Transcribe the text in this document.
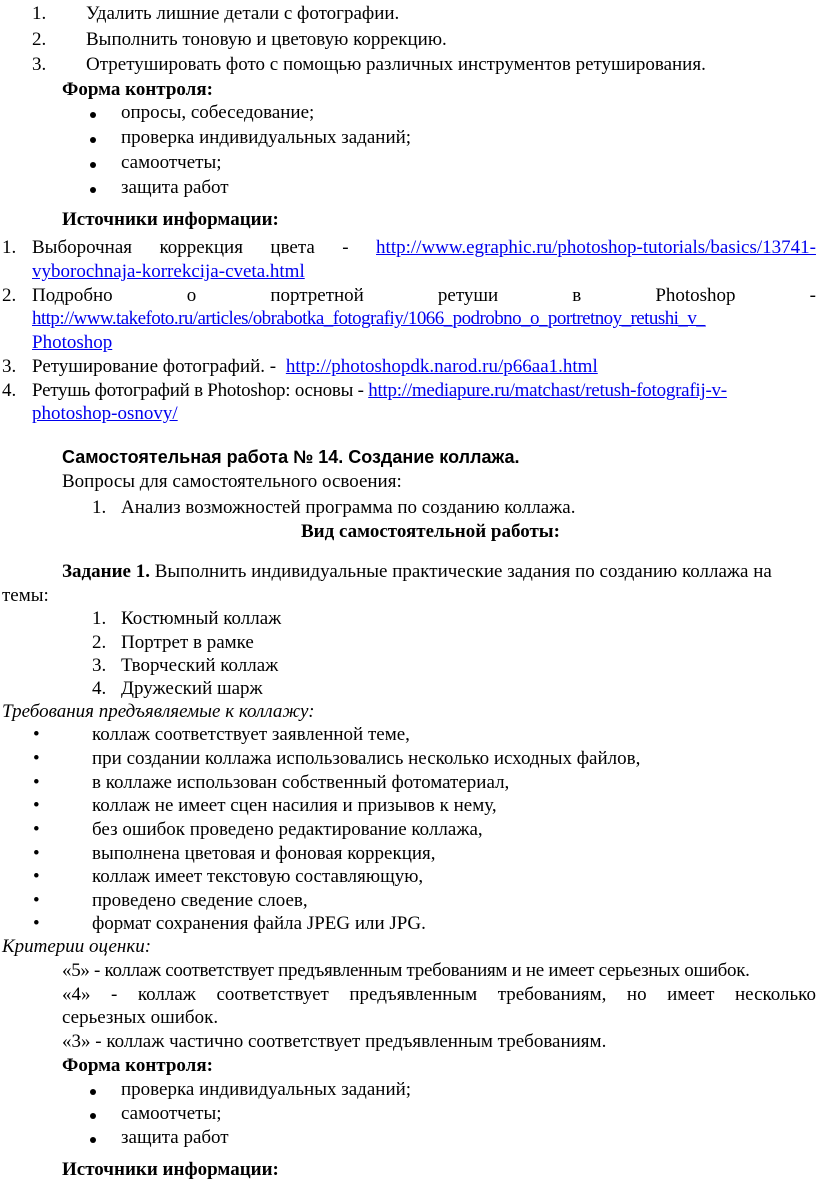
1. Удалить лишние детали с фотографии.
2. Выполнить тоновую и цветовую коррекцию.
3. Отретушировать фото с помощью различных инструментов ретуширования.
Форма контроля:
опросы, собеседование;
проверка индивидуальных заданий;
самоотчеты;
защита работ
Источники информации:
1. Выборочная коррекция цвета - http://www.egraphic.ru/photoshop-tutorials/basics/13741-
vyborochnaja-korrekcija-cveta.html
2. Подробно	о	портретной	ретуши	в	Photoshop	-
http://www.takefoto.ru/articles/obrabotka_fotografiy/1066_podrobno_o_portretnoy_retushi_v_
Photoshop
3. Ретуширование фотографий. - http://photoshopdk.narod.ru/p66aa1.html
4. Ретушь фотографий в Photoshop: основы - http://mediapure.ru/matchast/retush-fotografij-v-
photoshop-osnovy/
Самостоятельная работа № 14. Создание коллажа.
Вопросы для самостоятельного освоения:
1. Анализ возможностей программа по созданию коллажа.
Вид самостоятельной работы:
Задание 1. Выполнить индивидуальные практические задания по созданию коллажа на
темы:
1. Костюмный коллаж
2. Портрет в рамке
3. Творческий коллаж
4. Дружеский шарж
Требования предъявляемые к коллажу:
•	коллаж соответствует заявленной теме,
•	при создании коллажа использовались несколько исходных файлов,
•	в коллаже использован собственный фотоматериал,
•	коллаж не имеет сцен насилия и призывов к нему,
•	без ошибок проведено редактирование коллажа,
•	выполнена цветовая и фоновая коррекция,
•	коллаж имеет текстовую составляющую,
•	проведено сведение слоев,
•	формат сохранения файла JPEG или JPG.
Критерии оценки:
«5» - коллаж соответствует предъявленным требованиям и не имеет серьезных ошибок.
«4» - коллаж соответствует предъявленным требованиям, но имеет несколько
серьезных ошибок.
«3» - коллаж частично соответствует предъявленным требованиям.
Форма контроля:
проверка индивидуальных заданий;
самоотчеты;
защита работ
Источники информации:
